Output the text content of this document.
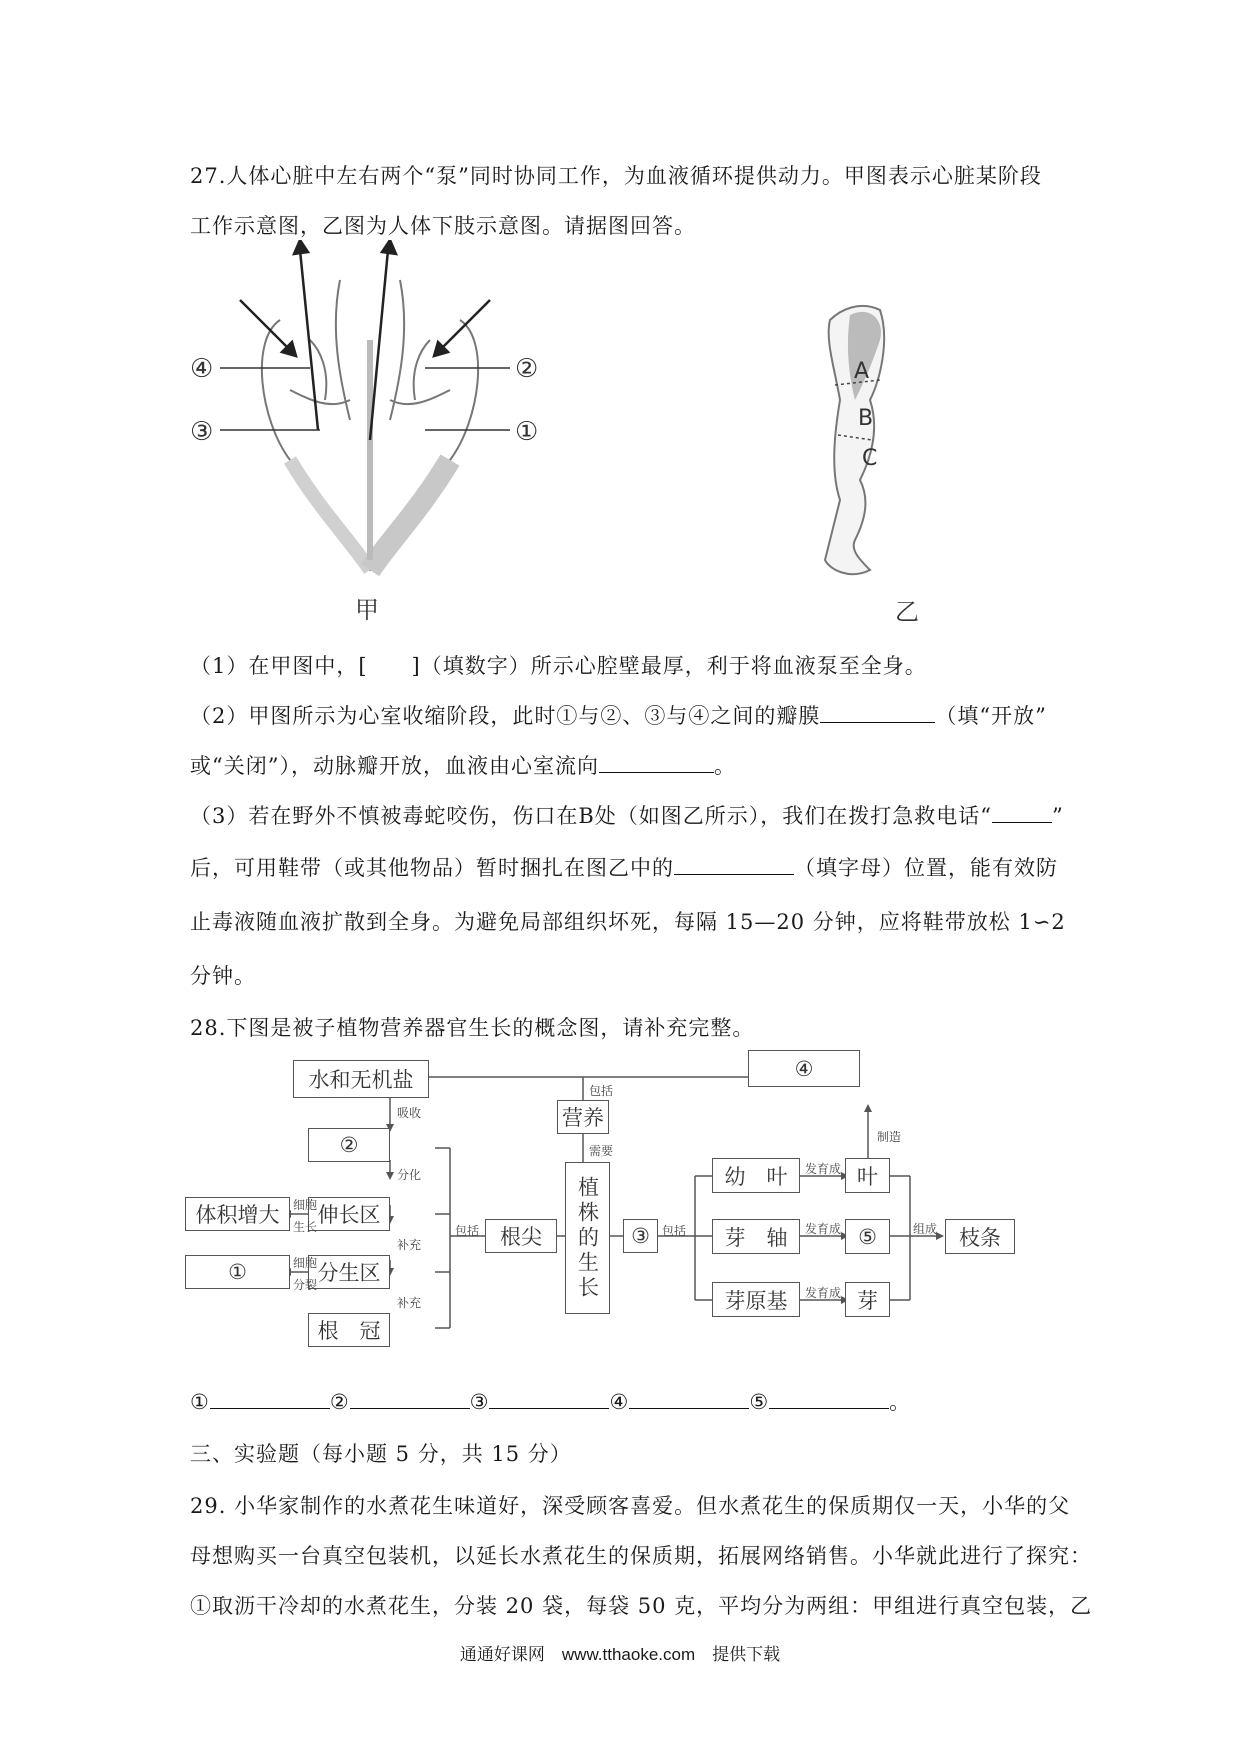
27.人体心脏中左右两个“泵”同时协同工作，为血液循环提供动力。甲图表示心脏某阶段
工作示意图，乙图为人体下肢示意图。请据图回答。
④	②
③	①
甲
A
B
C
乙
（1）在甲图中，[　　]（填数字）所示心腔壁最厚，利于将血液泵至全身。
（2）甲图所示为心室收缩阶段，此时①与②、③与④之间的瓣膜	（填“开放”
或“关闭”），动脉瓣开放，血液由心室流向	。
（3）若在野外不慎被毒蛇咬伤，伤口在B处（如图乙所示），我们在拨打急救电话“	”
后，可用鞋带（或其他物品）暂时捆扎在图乙中的	（填字母）位置，能有效防
止毒液随血液扩散到全身。为避免局部组织坏死，每隔 15—20 分钟，应将鞋带放松 1∽2
分钟。
28.下图是被子植物营养器官生长的概念图，请补充完整。
水和无机盐
营养
④
②
体积增大	伸长区
①	分生区
根　冠
根尖	植株的生长	③
幼　叶
芽　轴
芽原基
叶
⑤
芽
枝条
吸收
包括
需要
制造
分化
补充
补充
细胞
生长
细胞
分裂
包括	包括
发育成
发育成
发育成
组成
①	②	③	④	⑤	。
三、实验题（每小题 5 分，共 15 分）
29. 小华家制作的水煮花生味道好，深受顾客喜爱。但水煮花生的保质期仅一天，小华的父
母想购买一台真空包装机，以延长水煮花生的保质期，拓展网络销售。小华就此进行了探究：
①取沥干冷却的水煮花生，分装 20 袋，每袋 50 克，平均分为两组：甲组进行真空包装，乙
通通好课网　www.tthaoke.com　提供下载
